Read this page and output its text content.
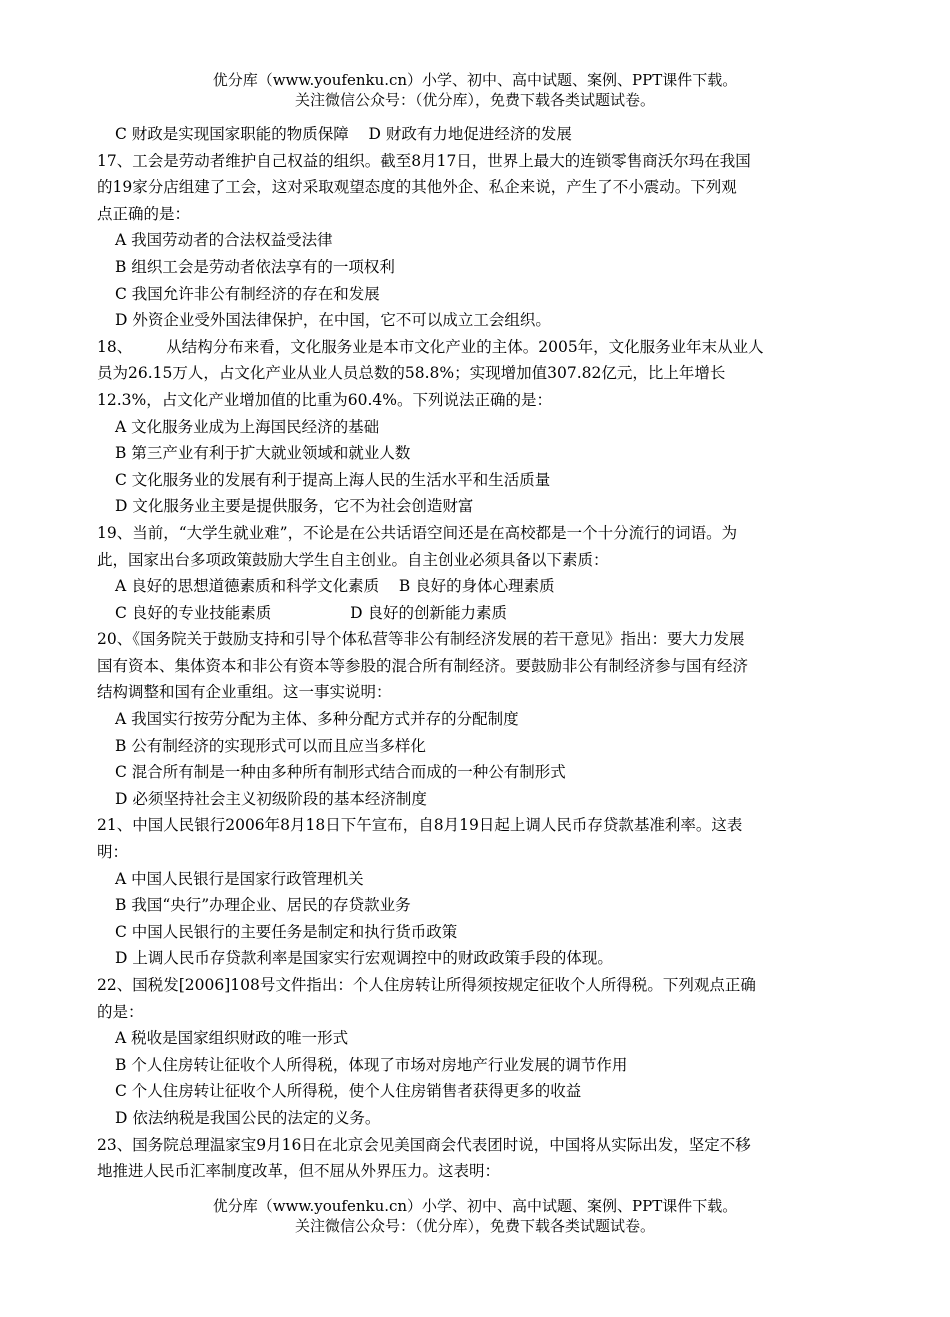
优分库（www.youfenku.cn）小学、初中、高中试题、案例、PPT课件下载。
关注微信公众号：（优分库），免费下载各类试题试卷。
C 财政是实现国家职能的物质保障    D 财政有力地促进经济的发展
17、工会是劳动者维护自己权益的组织。截至8月17日，世界上最大的连锁零售商沃尔玛在我国
的19家分店组建了工会，这对采取观望态度的其他外企、私企来说，产生了不小震动。下列观
点正确的是：
A 我国劳动者的合法权益受法律
B 组织工会是劳动者依法享有的一项权利
C 我国允许非公有制经济的存在和发展
D 外资企业受外国法律保护，在中国，它不可以成立工会组织。
18、 从结构分布来看，文化服务业是本市文化产业的主体。2005年，文化服务业年末从业人
员为26.15万人，占文化产业从业人员总数的58.8%；实现增加值307.82亿元，比上年增长
12.3%，占文化产业增加值的比重为60.4%。下列说法正确的是：
A 文化服务业成为上海国民经济的基础
B 第三产业有利于扩大就业领域和就业人数
C 文化服务业的发展有利于提高上海人民的生活水平和生活质量
D 文化服务业主要是提供服务，它不为社会创造财富
19、当前，“大学生就业难”，不论是在公共话语空间还是在高校都是一个十分流行的词语。为
此，国家出台多项政策鼓励大学生自主创业。自主创业必须具备以下素质：
A 良好的思想道德素质和科学文化素质    B 良好的身体心理素质
C 良好的专业技能素质                D 良好的创新能力素质
20、《国务院关于鼓励支持和引导个体私营等非公有制经济发展的若干意见》指出：要大力发展
国有资本、集体资本和非公有资本等参股的混合所有制经济。要鼓励非公有制经济参与国有经济
结构调整和国有企业重组。这一事实说明：
A 我国实行按劳分配为主体、多种分配方式并存的分配制度
B 公有制经济的实现形式可以而且应当多样化
C 混合所有制是一种由多种所有制形式结合而成的一种公有制形式
D 必须坚持社会主义初级阶段的基本经济制度
21、中国人民银行2006年8月18日下午宣布，自8月19日起上调人民币存贷款基准利率。这表
明：
A 中国人民银行是国家行政管理机关
B 我国“央行”办理企业、居民的存贷款业务
C 中国人民银行的主要任务是制定和执行货币政策
D 上调人民币存贷款利率是国家实行宏观调控中的财政政策手段的体现。
22、国税发[2006]108号文件指出：个人住房转让所得须按规定征收个人所得税。下列观点正确
的是：
A 税收是国家组织财政的唯一形式
B 个人住房转让征收个人所得税，体现了市场对房地产行业发展的调节作用
C 个人住房转让征收个人所得税，使个人住房销售者获得更多的收益
D 依法纳税是我国公民的法定的义务。
23、国务院总理温家宝9月16日在北京会见美国商会代表团时说，中国将从实际出发，坚定不移
地推进人民币汇率制度改革，但不屈从外界压力。这表明：
优分库（www.youfenku.cn）小学、初中、高中试题、案例、PPT课件下载。
关注微信公众号：（优分库），免费下载各类试题试卷。
